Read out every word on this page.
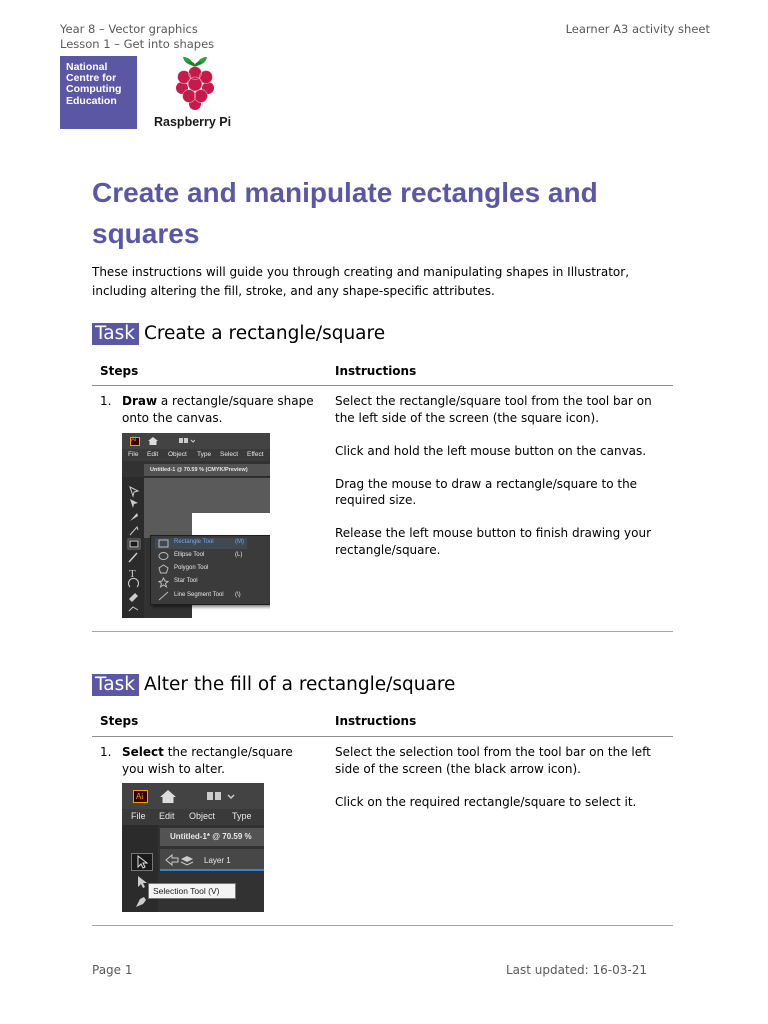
Year 8 – Vector graphics
Lesson 1 – Get into shapes
Learner A3 activity sheet
National
Centre for
Computing
Education
Raspberry Pi
Create and manipulate rectangles and squares

These instructions will guide you through creating and manipulating shapes in Illustrator, including altering the fill, stroke, and any shape-specific attributes.

Task Create a rectangle/square
Steps	Instructions
1. Draw a rectangle/square shape onto the canvas.

Select the rectangle/square tool from the tool bar on the left side of the screen (the square icon).

Click and hold the left mouse button on the canvas.

Drag the mouse to draw a rectangle/square to the required size.

Release the left mouse button to finish drawing your rectangle/square.

Ai
File Edit Object Type Select Effect
Untitled-1 @ 70.59 % (CMYK/Preview)
T
Rectangle Tool	(M)
Ellipse Tool	(L)
Polygon Tool
Star Tool
Line Segment Tool (\)
Task Alter the fill of a rectangle/square
Steps	Instructions
1. Select the rectangle/square you wish to alter.

Select the selection tool from the tool bar on the left side of the screen (the black arrow icon).

Click on the required rectangle/square to select it.

Ai
File Edit Object Type
Untitled-1* @ 70.59 %
Layer 1
Selection Tool (V)
Page 1	Last updated: 16-03-21
